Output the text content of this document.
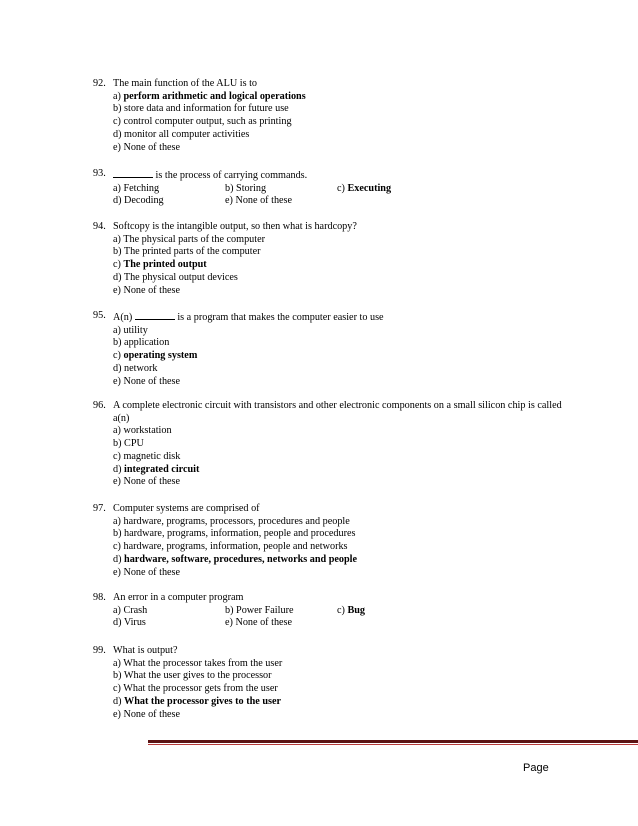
92. The main function of the ALU is to
a) perform arithmetic and logical operations
b) store data and information for future use
c) control computer output, such as printing
d) monitor all computer activities
e) None of these
93.	is the process of carrying commands.
a) Fetching	b) Storing	c) Executing
d) Decoding	e) None of these
94. Softcopy is the intangible output, so then what is hardcopy?
a) The physical parts of the computer
b) The printed parts of the computer
c) The printed output
d) The physical output devices
e) None of these
95. A(n)	is a program that makes the computer easier to use
a) utility
b) application
c) operating system
d) network
e) None of these
96. A complete electronic circuit with transistors and other electronic components on a small silicon chip is called a(n)
a) workstation
b) CPU
c) magnetic disk
d) integrated circuit
e) None of these
97. Computer systems are comprised of
a) hardware, programs, processors, procedures and people
b) hardware, programs, information, people and procedures
c) hardware, programs, information, people and networks
d) hardware, software, procedures, networks and people
e) None of these
98. An error in a computer program
a) Crash	b) Power Failure	c) Bug
d) Virus	e) None of these
99. What is output?
a) What the processor takes from the user
b) What the user gives to the processor
c) What the processor gets from the user
d) What the processor gives to the user
e) None of these
Page
